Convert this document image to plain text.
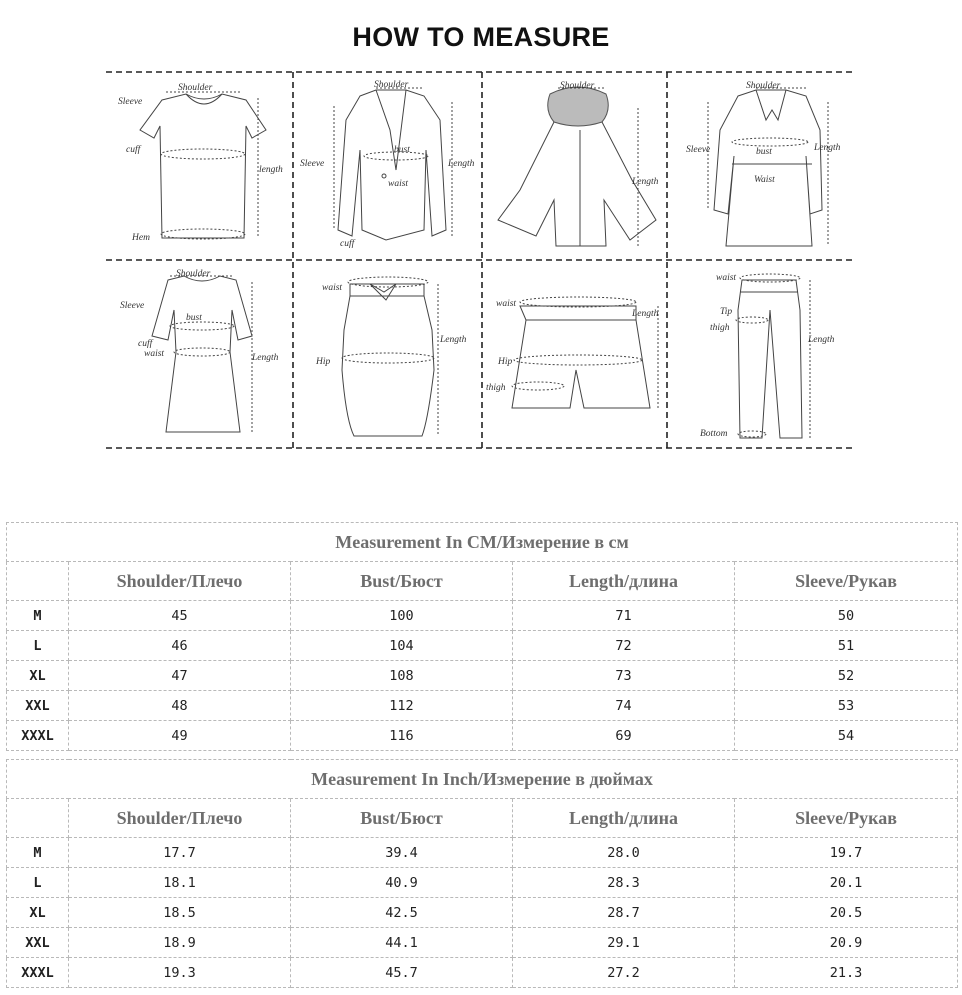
HOW TO MEASURE
Shoulder
Sleeve
cuff
length
Hem
Shoulder
Sleeve
bust
waist
Length
cuff
Shoulder
Length
Shoulder
Sleeve	bust
Waist
Length
Shoulder
Sleeve
bust
cuff
waist	Length
waist
Hip
Length
waist
Length
Hip
thigh
waist
Tip
thigh
Length
Bottom
Measurement In CM/Измерение в см				
	Shoulder/Плечо	Bust/Бюст	Length/длина	Sleeve/Рукав
M	45	100	71	50
L	46	104	72	51
XL	47	108	73	52
XXL	48	112	74	53
XXXL	49	116	69	54
Measurement In Inch/Измерение в дюймах				
	Shoulder/Плечо	Bust/Бюст	Length/длина	Sleeve/Рукав
M	17.7	39.4	28.0	19.7
L	18.1	40.9	28.3	20.1
XL	18.5	42.5	28.7	20.5
XXL	18.9	44.1	29.1	20.9
XXXL	19.3	45.7	27.2	21.3
